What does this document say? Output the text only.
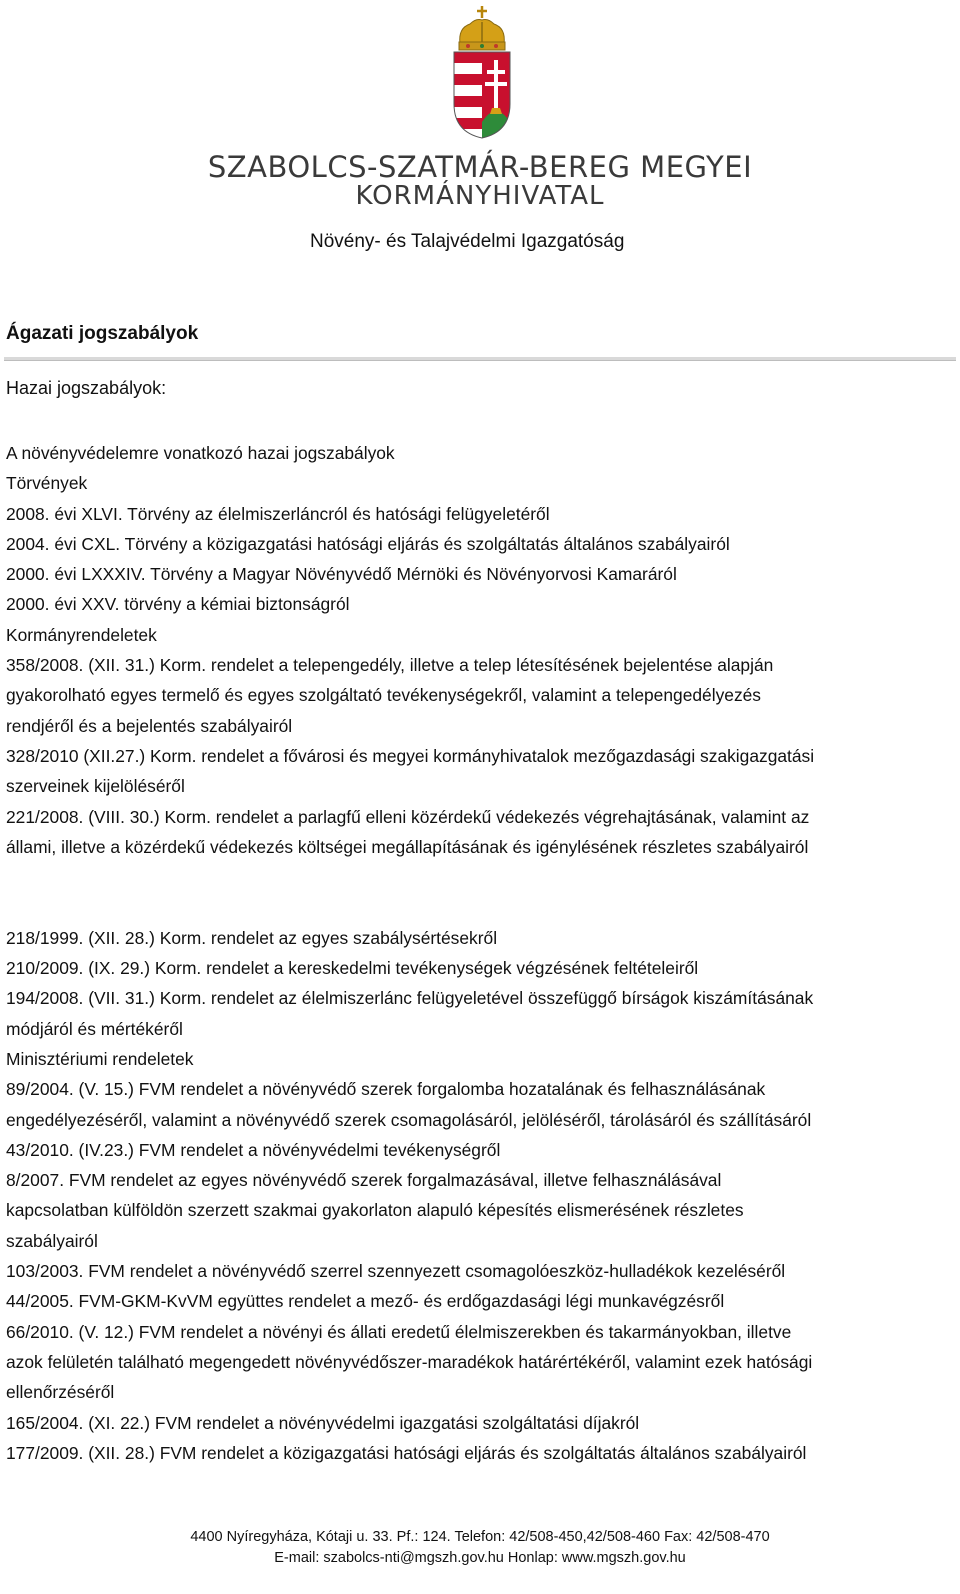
SZABOLCS-SZATMÁR-BEREG MEGYEI
KORMÁNYHIVATAL
Növény- és Talajvédelmi Igazgatóság
Ágazati jogszabályok
Hazai jogszabályok:
A növényvédelemre vonatkozó hazai jogszabályok
Törvények
2008. évi XLVI. Törvény az élelmiszerláncról és hatósági felügyeletéről
2004. évi CXL. Törvény a közigazgatási hatósági eljárás és szolgáltatás általános szabályairól
2000. évi LXXXIV. Törvény a Magyar Növényvédő Mérnöki és Növényorvosi Kamaráról
2000. évi XXV. törvény a kémiai biztonságról
Kormányrendeletek
358/2008. (XII. 31.) Korm. rendelet a telepengedély, illetve a telep létesítésének bejelentése alapján
gyakorolható egyes termelő és egyes szolgáltató tevékenységekről, valamint a telepengedélyezés
rendjéről és a bejelentés szabályairól
328/2010 (XII.27.) Korm. rendelet a fővárosi és megyei kormányhivatalok mezőgazdasági szakigazgatási
szerveinek kijelöléséről
221/2008. (VIII. 30.) Korm. rendelet a parlagfű elleni közérdekű védekezés végrehajtásának, valamint az
állami, illetve a közérdekű védekezés költségei megállapításának és igénylésének részletes szabályairól
218/1999. (XII. 28.) Korm. rendelet az egyes szabálysértésekről
210/2009. (IX. 29.) Korm. rendelet a kereskedelmi tevékenységek végzésének feltételeiről
194/2008. (VII. 31.) Korm. rendelet az élelmiszerlánc felügyeletével összefüggő bírságok kiszámításának
módjáról és mértékéről
Minisztériumi rendeletek
89/2004. (V. 15.) FVM rendelet a növényvédő szerek forgalomba hozatalának és felhasználásának
engedélyezéséről, valamint a növényvédő szerek csomagolásáról, jelöléséről, tárolásáról és szállításáról
43/2010. (IV.23.) FVM rendelet a növényvédelmi tevékenységről
8/2007. FVM rendelet az egyes növényvédő szerek forgalmazásával, illetve felhasználásával
kapcsolatban külföldön szerzett szakmai gyakorlaton alapuló képesítés elismerésének részletes
szabályairól
103/2003. FVM rendelet a növényvédő szerrel szennyezett csomagolóeszköz-hulladékok kezeléséről
44/2005. FVM-GKM-KvVM együttes rendelet a mező- és erdőgazdasági légi munkavégzésről
66/2010. (V. 12.) FVM rendelet a növényi és állati eredetű élelmiszerekben és takarmányokban, illetve
azok felületén található megengedett növényvédőszer-maradékok határértékéről, valamint ezek hatósági
ellenőrzéséről
165/2004. (XI. 22.) FVM rendelet a növényvédelmi igazgatási szolgáltatási díjakról
177/2009. (XII. 28.) FVM rendelet a közigazgatási hatósági eljárás és szolgáltatás általános szabályairól
4400 Nyíregyháza, Kótaji u. 33. Pf.: 124. Telefon: 42/508-450,42/508-460 Fax: 42/508-470
E-mail: szabolcs-nti@mgszh.gov.hu Honlap: www.mgszh.gov.hu
